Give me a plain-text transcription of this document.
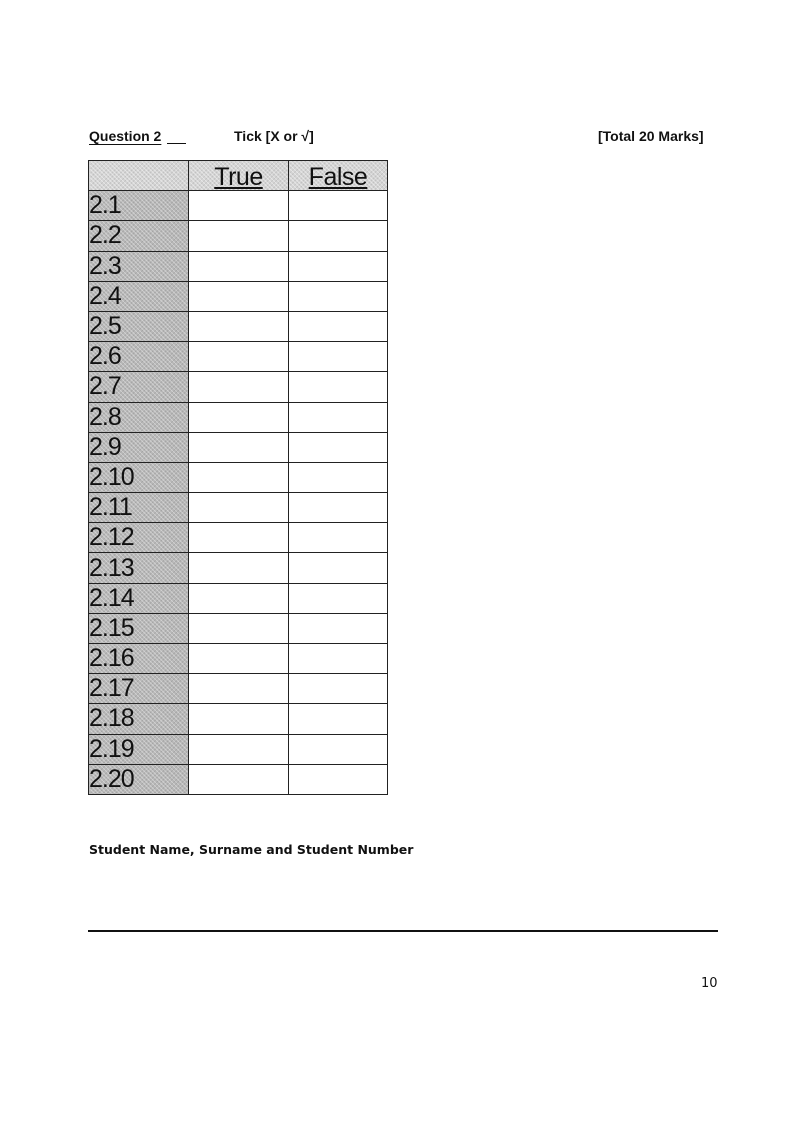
Question 2	Tick [X or √]	[Total 20 Marks]
	True	False
2.1		
2.2		
2.3		
2.4		
2.5		
2.6		
2.7		
2.8		
2.9		
2.10		
2.11		
2.12		
2.13		
2.14		
2.15		
2.16		
2.17		
2.18		
2.19		
2.20		
Student Name, Surname and Student Number
10
